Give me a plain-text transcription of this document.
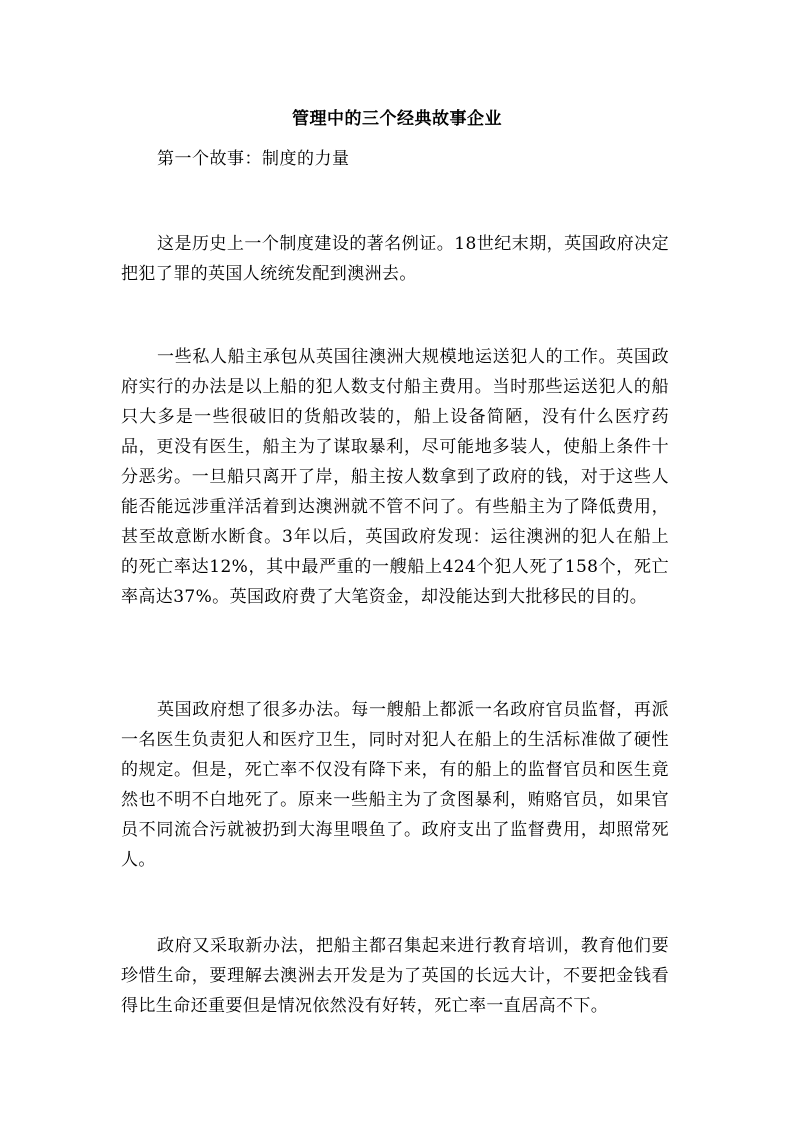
管理中的三个经典故事企业
第一个故事：制度的力量

这是历史上一个制度建设的著名例证。18世纪末期，英国政府决定把犯了罪的英国人统统发配到澳洲去。

一些私人船主承包从英国往澳洲大规模地运送犯人的工作。英国政府实行的办法是以上船的犯人数支付船主费用。当时那些运送犯人的船只大多是一些很破旧的货船改装的，船上设备简陋，没有什么医疗药品，更没有医生，船主为了谋取暴利，尽可能地多装人，使船上条件十分恶劣。一旦船只离开了岸，船主按人数拿到了政府的钱，对于这些人能否能远涉重洋活着到达澳洲就不管不问了。有些船主为了降低费用，甚至故意断水断食。3年以后，英国政府发现：运往澳洲的犯人在船上的死亡率达12%，其中最严重的一艘船上424个犯人死了158个，死亡率高达37%。英国政府费了大笔资金，却没能达到大批移民的目的。

英国政府想了很多办法。每一艘船上都派一名政府官员监督，再派一名医生负责犯人和医疗卫生，同时对犯人在船上的生活标准做了硬性的规定。但是，死亡率不仅没有降下来，有的船上的监督官员和医生竟然也不明不白地死了。原来一些船主为了贪图暴利，贿赂官员，如果官员不同流合污就被扔到大海里喂鱼了。政府支出了监督费用，却照常死人。

政府又采取新办法，把船主都召集起来进行教育培训，教育他们要珍惜生命，要理解去澳洲去开发是为了英国的长远大计，不要把金钱看得比生命还重要但是情况依然没有好转，死亡率一直居高不下。
